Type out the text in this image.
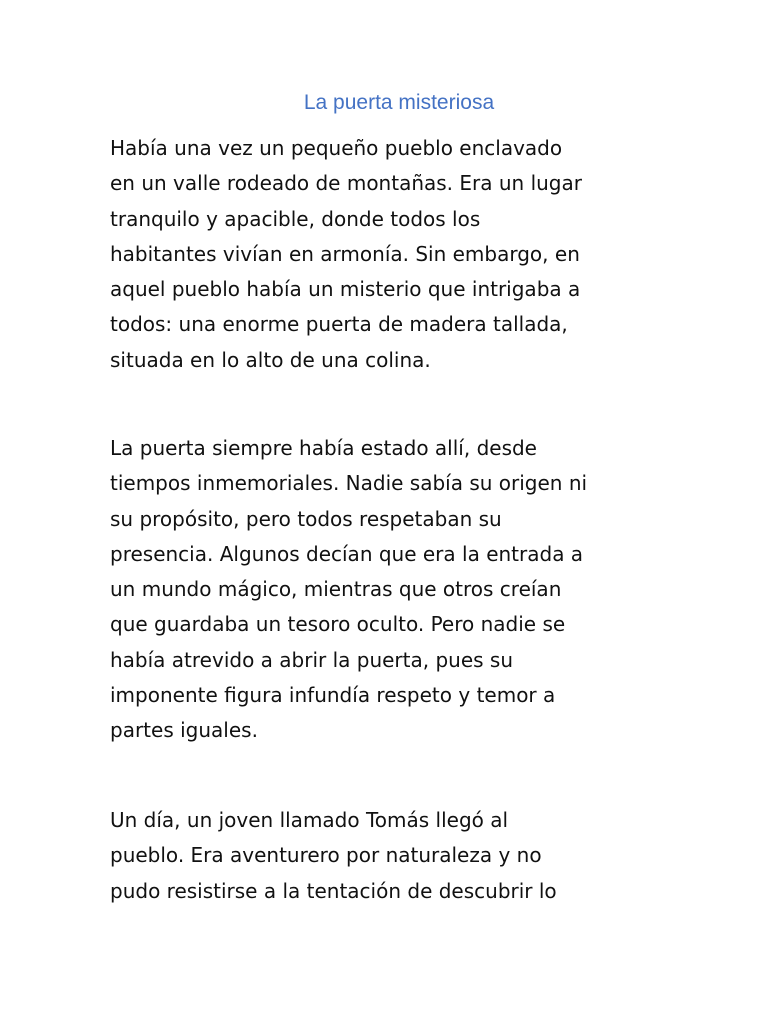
La puerta misteriosa
Había una vez un pequeño pueblo enclavado
en un valle rodeado de montañas. Era un lugar
tranquilo y apacible, donde todos los
habitantes vivían en armonía. Sin embargo, en
aquel pueblo había un misterio que intrigaba a
todos: una enorme puerta de madera tallada,
situada en lo alto de una colina.
La puerta siempre había estado allí, desde
tiempos inmemoriales. Nadie sabía su origen ni
su propósito, pero todos respetaban su
presencia. Algunos decían que era la entrada a
un mundo mágico, mientras que otros creían
que guardaba un tesoro oculto. Pero nadie se
había atrevido a abrir la puerta, pues su
imponente figura infundía respeto y temor a
partes iguales.
Un día, un joven llamado Tomás llegó al
pueblo. Era aventurero por naturaleza y no
pudo resistirse a la tentación de descubrir lo
